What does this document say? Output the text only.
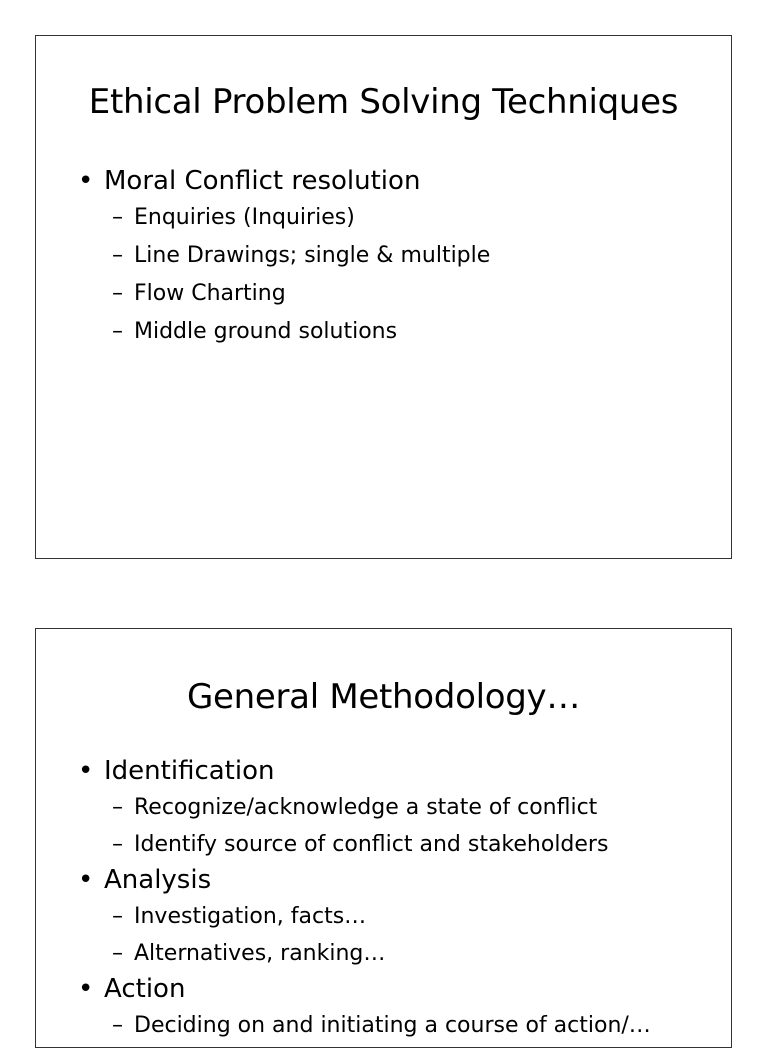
Ethical Problem Solving Techniques
• Moral Conflict resolution
– Enquiries (Inquiries)
– Line Drawings; single & multiple
– Flow Charting
– Middle ground solutions
General Methodology…
• Identification
– Recognize/acknowledge a state of conflict
– Identify source of conflict and stakeholders
• Analysis
– Investigation, facts…
– Alternatives, ranking…
• Action
– Deciding on and initiating a course of action/…
